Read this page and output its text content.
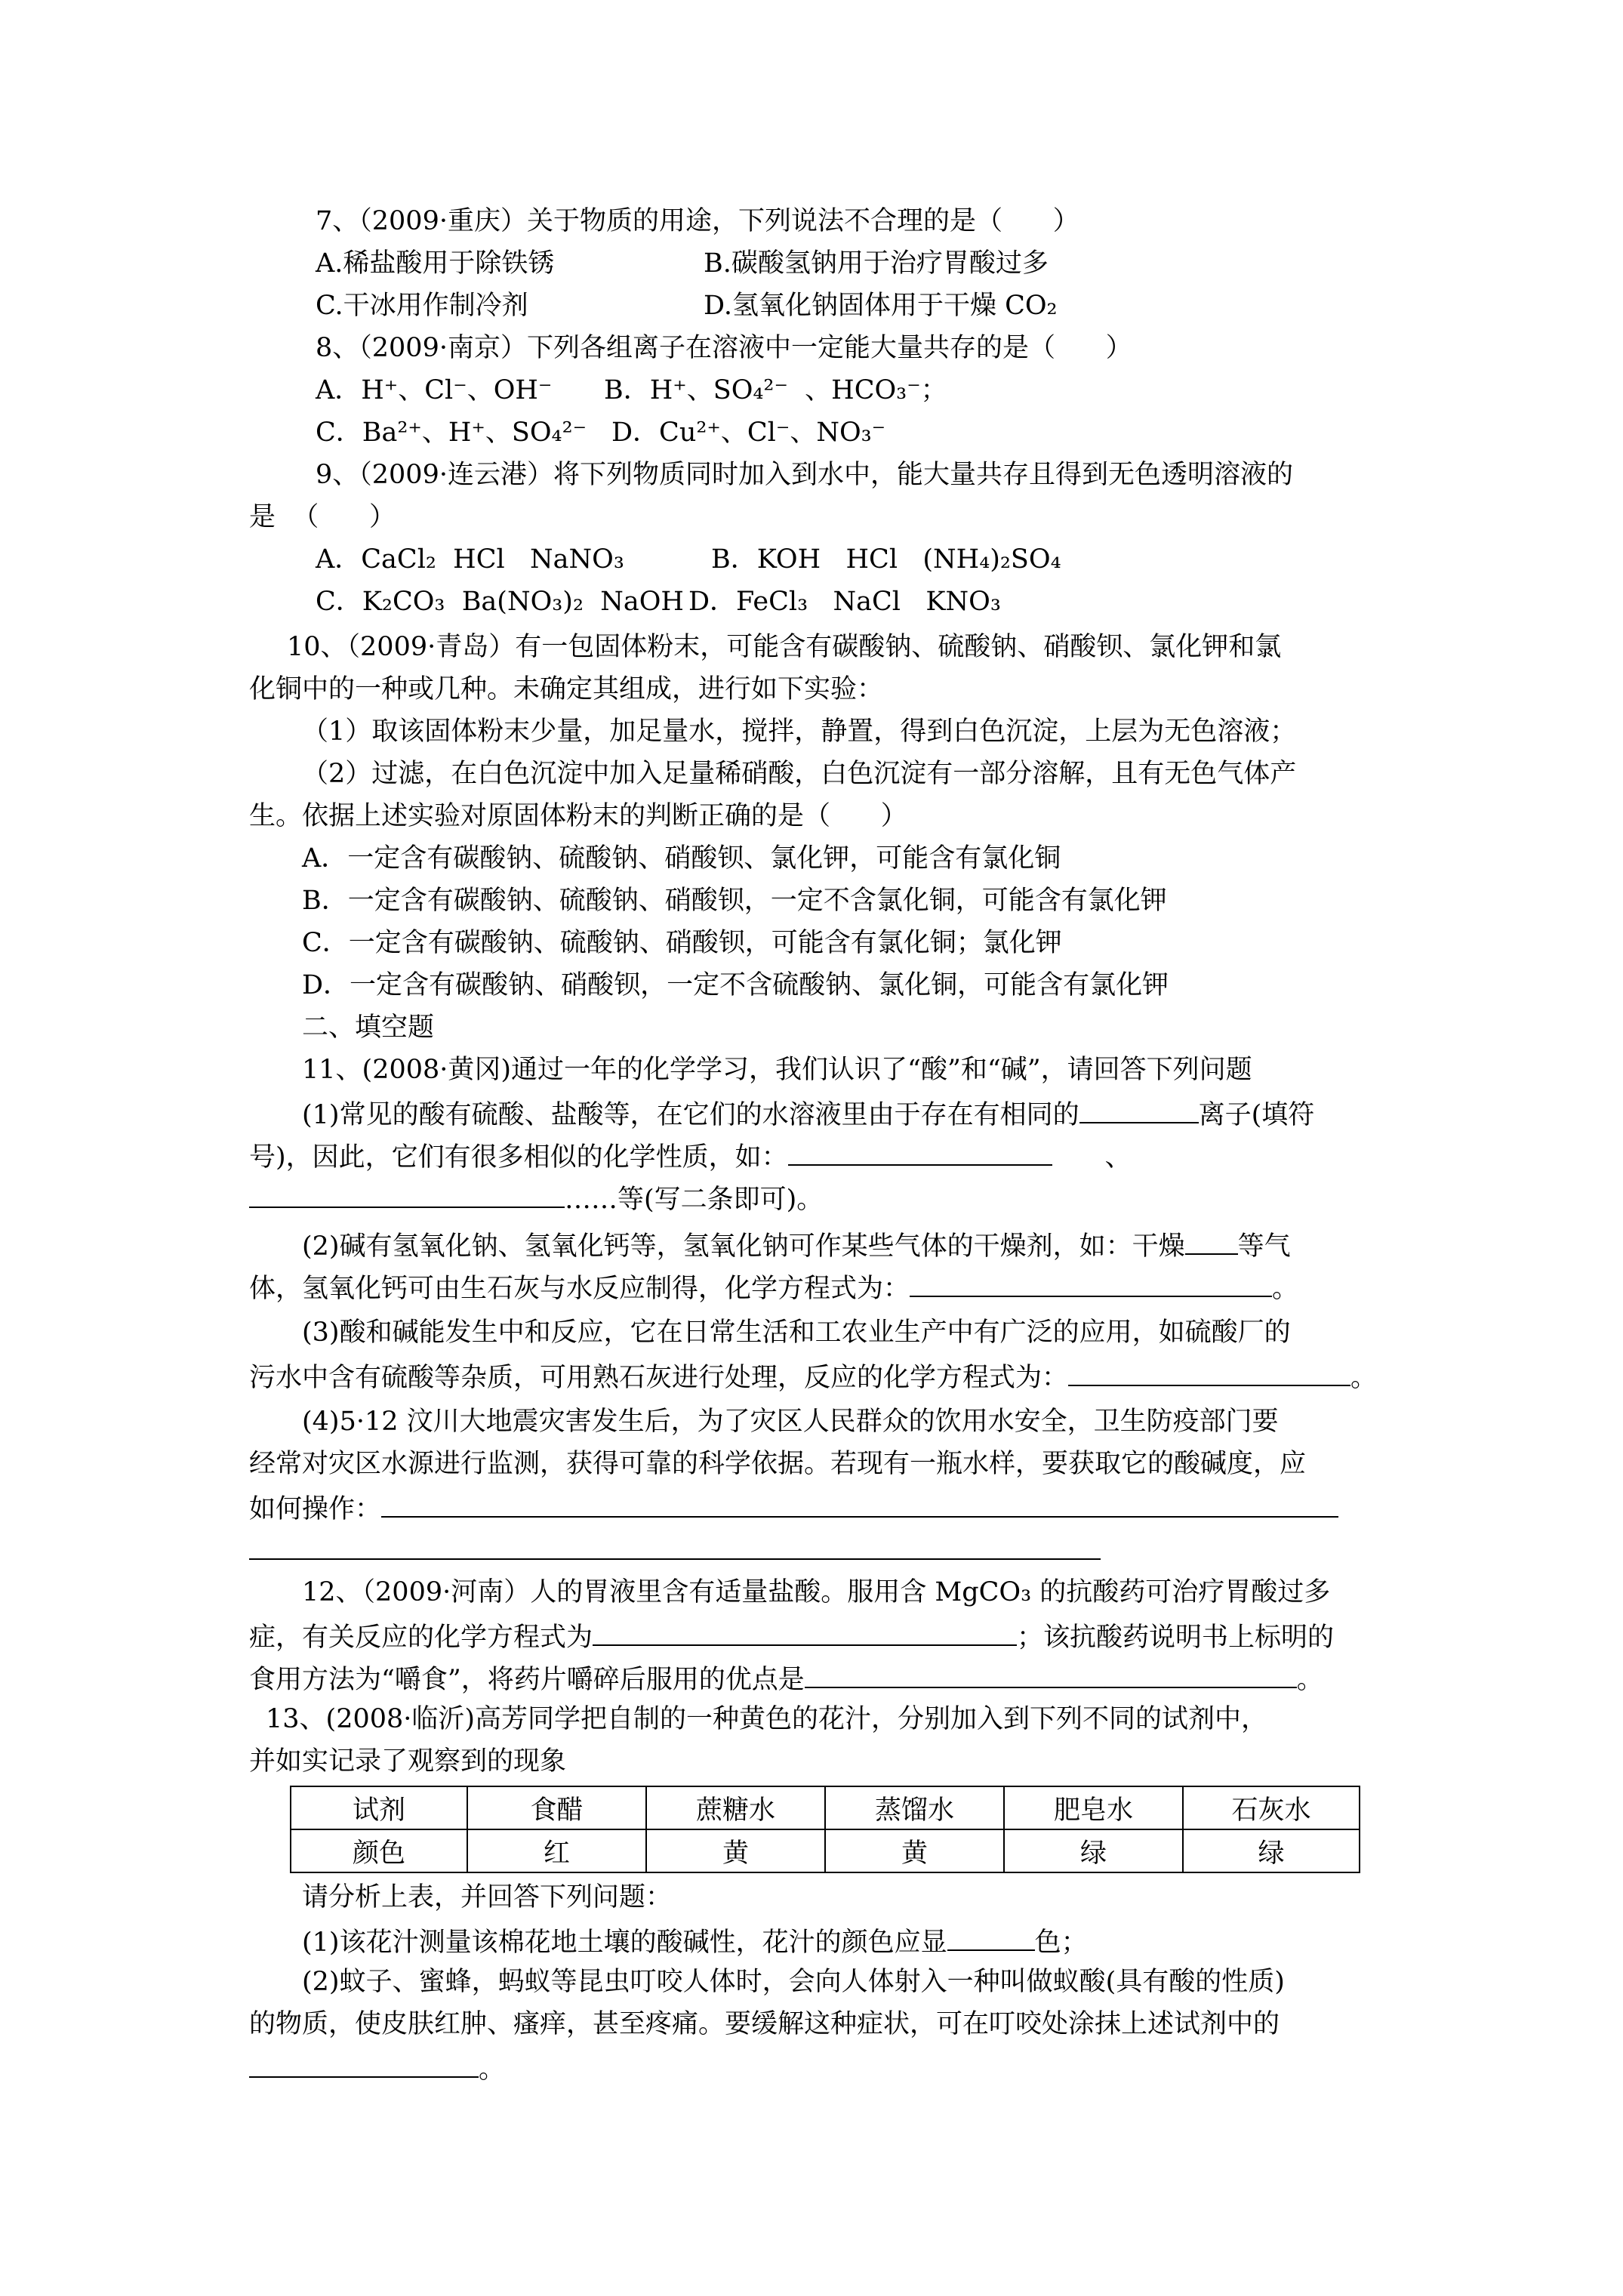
7、（2009·重庆）关于物质的用途，下列说法不合理的是（      ）
A.稀盐酸用于除铁锈	B.碳酸氢钠用于治疗胃酸过多
C.干冰用作制冷剂	D.氢氧化钠固体用于干燥 CO₂
8、（2009·南京）下列各组离子在溶液中一定能大量共存的是（      ）
A．H⁺、Cl⁻、OH⁻ B．H⁺、SO₄²⁻  、HCO₃⁻；
C．Ba²⁺、H⁺、SO₄²⁻ D．Cu²⁺、Cl⁻、NO₃⁻
9、（2009·连云港）将下列物质同时加入到水中，能大量共存且得到无色透明溶液的
是  （      ）
A．CaCl₂  HCl   NaNO₃	B．KOH   HCl   (NH₄)₂SO₄
C．K₂CO₃  Ba(NO₃)₂  NaOH D．FeCl₃   NaCl   KNO₃
10、（2009·青岛）有一包固体粉末，可能含有碳酸钠、硫酸钠、硝酸钡、氯化钾和氯
化铜中的一种或几种。未确定其组成，进行如下实验：
（1）取该固体粉末少量，加足量水，搅拌，静置，得到白色沉淀，上层为无色溶液；
（2）过滤，在白色沉淀中加入足量稀硝酸，白色沉淀有一部分溶解，且有无色气体产
生。依据上述实验对原固体粉末的判断正确的是（      ）
A．一定含有碳酸钠、硫酸钠、硝酸钡、氯化钾，可能含有氯化铜
B．一定含有碳酸钠、硫酸钠、硝酸钡，一定不含氯化铜，可能含有氯化钾
C．一定含有碳酸钠、硫酸钠、硝酸钡，可能含有氯化铜；氯化钾
D．一定含有碳酸钠、硝酸钡，一定不含硫酸钠、氯化铜，可能含有氯化钾
二、填空题
11、(2008·黄冈)通过一年的化学学习，我们认识了“酸”和“碱”，请回答下列问题
(1)常见的酸有硫酸、盐酸等，在它们的水溶液里由于存在有相同的	离子(填符
号)，因此，它们有很多相似的化学性质，如：	、
……等(写二条即可)。
(2)碱有氢氧化钠、氢氧化钙等，氢氧化钠可作某些气体的干燥剂，如：干燥 等气
体，氢氧化钙可由生石灰与水反应制得，化学方程式为：	。
(3)酸和碱能发生中和反应，它在日常生活和工农业生产中有广泛的应用，如硫酸厂的
污水中含有硫酸等杂质，可用熟石灰进行处理，反应的化学方程式为：	。
(4)5·12 汶川大地震灾害发生后，为了灾区人民群众的饮用水安全，卫生防疫部门要
经常对灾区水源进行监测，获得可靠的科学依据。若现有一瓶水样，要获取它的酸碱度，应
如何操作：
12、（2009·河南）人的胃液里含有适量盐酸。服用含 MgCO₃ 的抗酸药可治疗胃酸过多
症，有关反应的化学方程式为	；该抗酸药说明书上标明的
食用方法为“嚼食”，将药片嚼碎后服用的优点是	。
13、(2008·临沂)高芳同学把自制的一种黄色的花汁，分别加入到下列不同的试剂中，
并如实记录了观察到的现象
试剂	食醋	蔗糖水	蒸馏水	肥皂水	石灰水
颜色	红	黄	黄	绿	绿
请分析上表，并回答下列问题：
(1)该花汁测量该棉花地土壤的酸碱性，花汁的颜色应显	色；
(2)蚊子、蜜蜂，蚂蚁等昆虫叮咬人体时，会向人体射入一种叫做蚁酸(具有酸的性质)
的物质，使皮肤红肿、瘙痒，甚至疼痛。要缓解这种症状，可在叮咬处涂抹上述试剂中的
。
